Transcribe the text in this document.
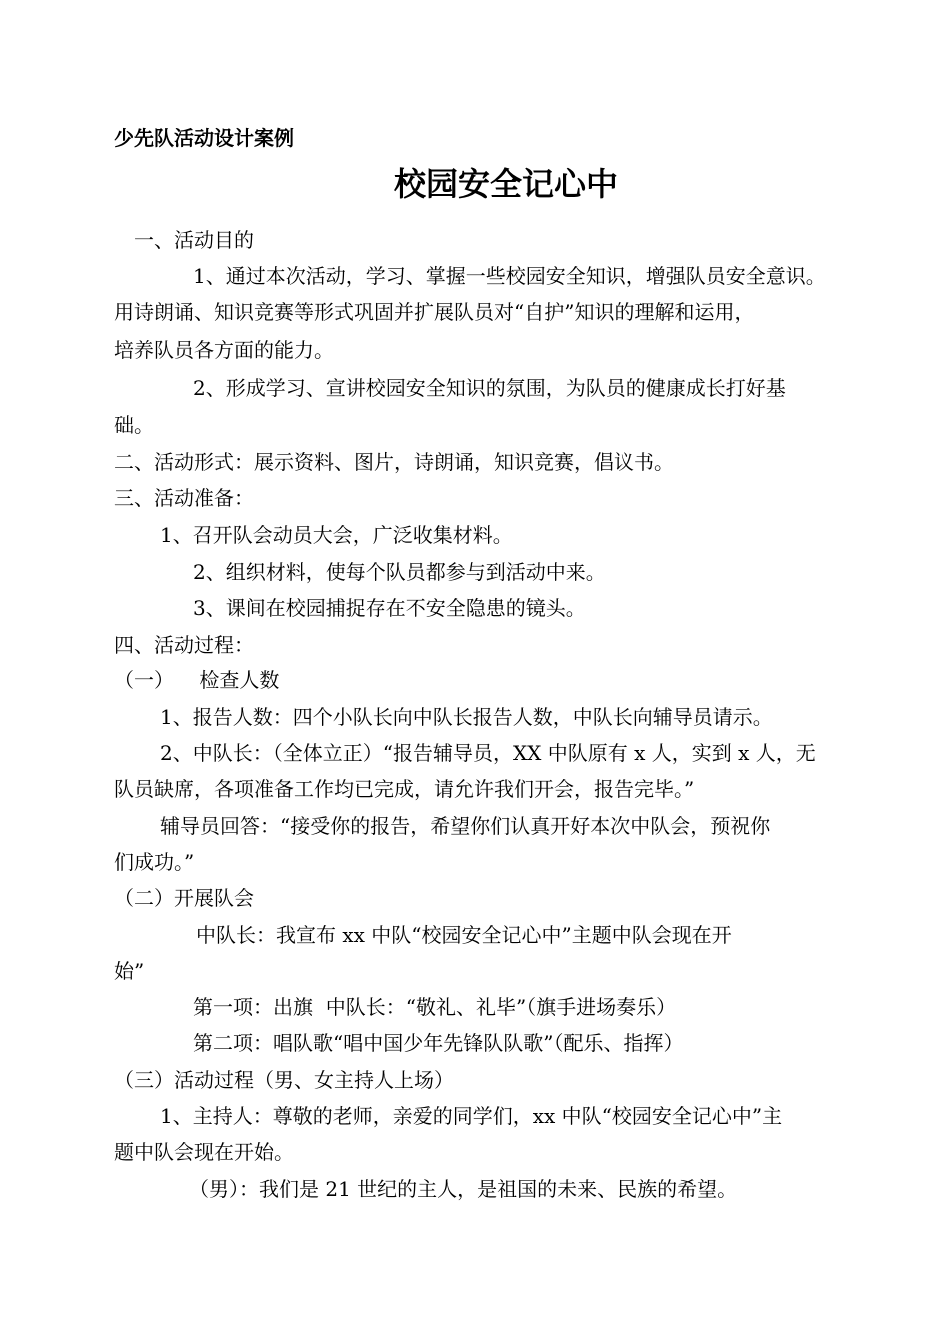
少先队活动设计案例
校园安全记心中
一、活动目的
1、通过本次活动，学习、掌握一些校园安全知识，增强队员安全意识。
用诗朗诵、知识竞赛等形式巩固并扩展队员对“自护”知识的理解和运用，
培养队员各方面的能力。
2、形成学习、宣讲校园安全知识的氛围，为队员的健康成长打好基
础。
二、活动形式：展示资料、图片，诗朗诵，知识竞赛，倡议书。
三、活动准备：
1、召开队会动员大会，广泛收集材料。
2、组织材料，使每个队员都参与到活动中来。
3、课间在校园捕捉存在不安全隐患的镜头。
四、活动过程：
（一）    检查人数
1、报告人数：四个小队长向中队长报告人数，中队长向辅导员请示。
2、中队长：（全体立正）“报告辅导员，XX 中队原有 x 人，实到 x 人，无
队员缺席，各项准备工作均已完成，请允许我们开会，报告完毕。”
辅导员回答：“接受你的报告，希望你们认真开好本次中队会，预祝你
们成功。”
（二）开展队会
中队长：我宣布 xx 中队“校园安全记心中”主题中队会现在开
始”
第一项：出旗  中队长：“敬礼、礼毕”（旗手进场奏乐）
第二项：唱队歌“唱中国少年先锋队队歌”（配乐、指挥）
（三）活动过程（男、女主持人上场）
1、主持人：尊敬的老师，亲爱的同学们，xx 中队“校园安全记心中”主
题中队会现在开始。
（男）：我们是 21 世纪的主人，是祖国的未来、民族的希望。
